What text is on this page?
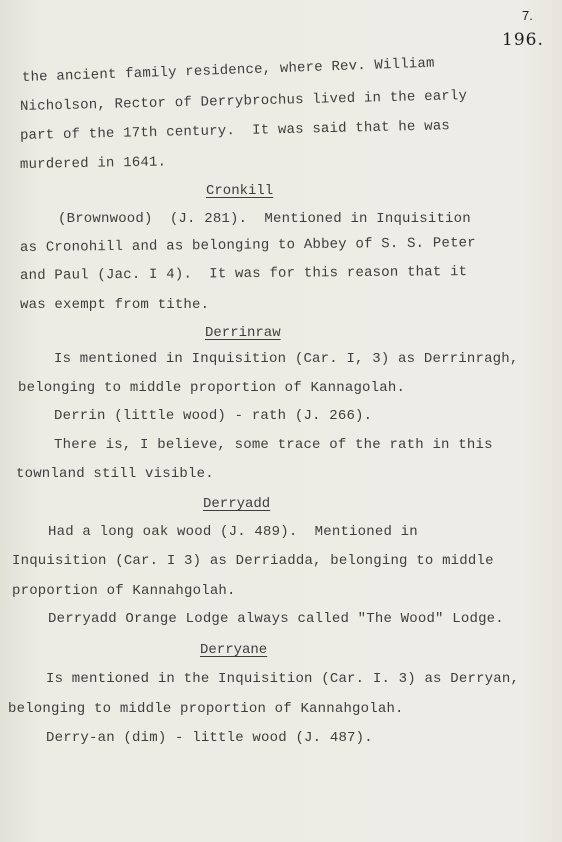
7.
196.
the ancient family residence, where Rev. William
Nicholson, Rector of Derrybrochus lived in the early
part of the 17th century.  It was said that he was
murdered in 1641.
Cronkill
(Brownwood)  (J. 281).  Mentioned in Inquisition
as Cronohill and as belonging to Abbey of S. S. Peter
and Paul (Jac. I 4).  It was for this reason that it
was exempt from tithe.
Derrinraw
Is mentioned in Inquisition (Car. I, 3) as Derrinragh,
belonging to middle proportion of Kannagolah.
Derrin (little wood) - rath (J. 266).
There is, I believe, some trace of the rath in this
townland still visible.
Derryadd
Had a long oak wood (J. 489).  Mentioned in
Inquisition (Car. I 3) as Derriadda, belonging to middle
proportion of Kannahgolah.
Derryadd Orange Lodge always called "The Wood" Lodge.
Derryane
Is mentioned in the Inquisition (Car. I. 3) as Derryan,
belonging to middle proportion of Kannahgolah.
Derry-an (dim) - little wood (J. 487).
